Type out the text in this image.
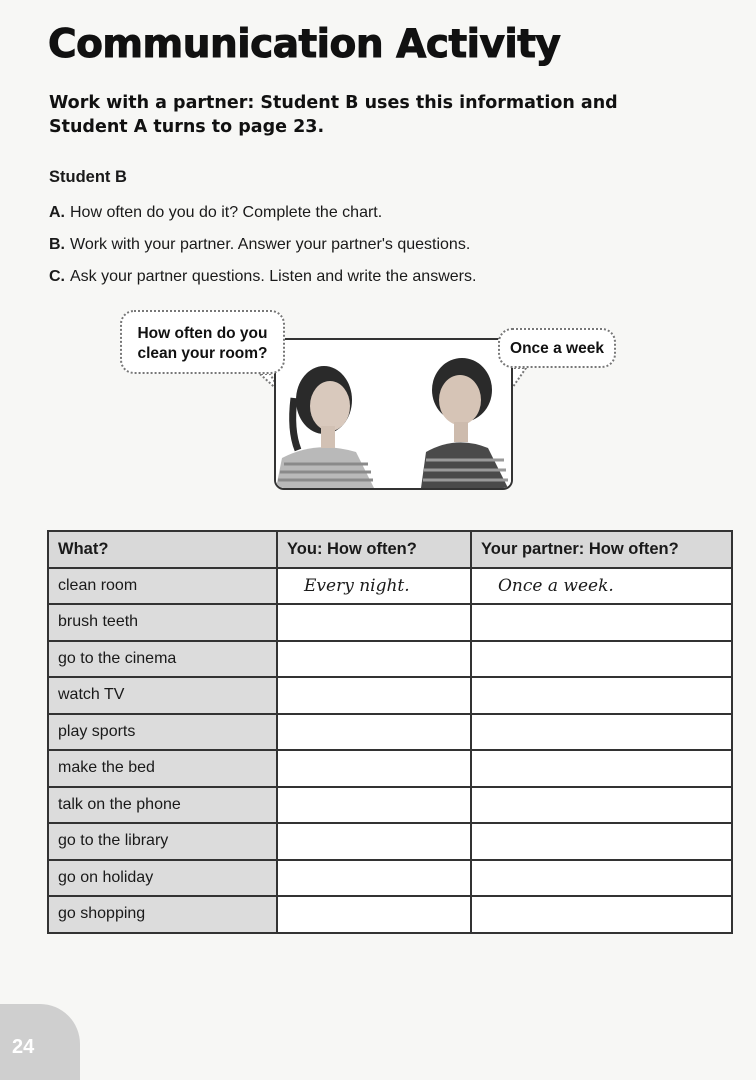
Communication Activity
Work with a partner: Student B uses this information and Student A turns to page 23.
Student B
A. How often do you do it? Complete the chart.
B. Work with your partner. Answer your partner's questions.
C. Ask your partner questions. Listen and write the answers.
How often do you clean your room?	Once a week
What?	You: How often?	Your partner: How often?
clean room	Every night.	Once a week.
brush teeth		
go to the cinema		
watch TV		
play sports		
make the bed		
talk on the phone		
go to the library		
go on holiday		
go shopping		
24
